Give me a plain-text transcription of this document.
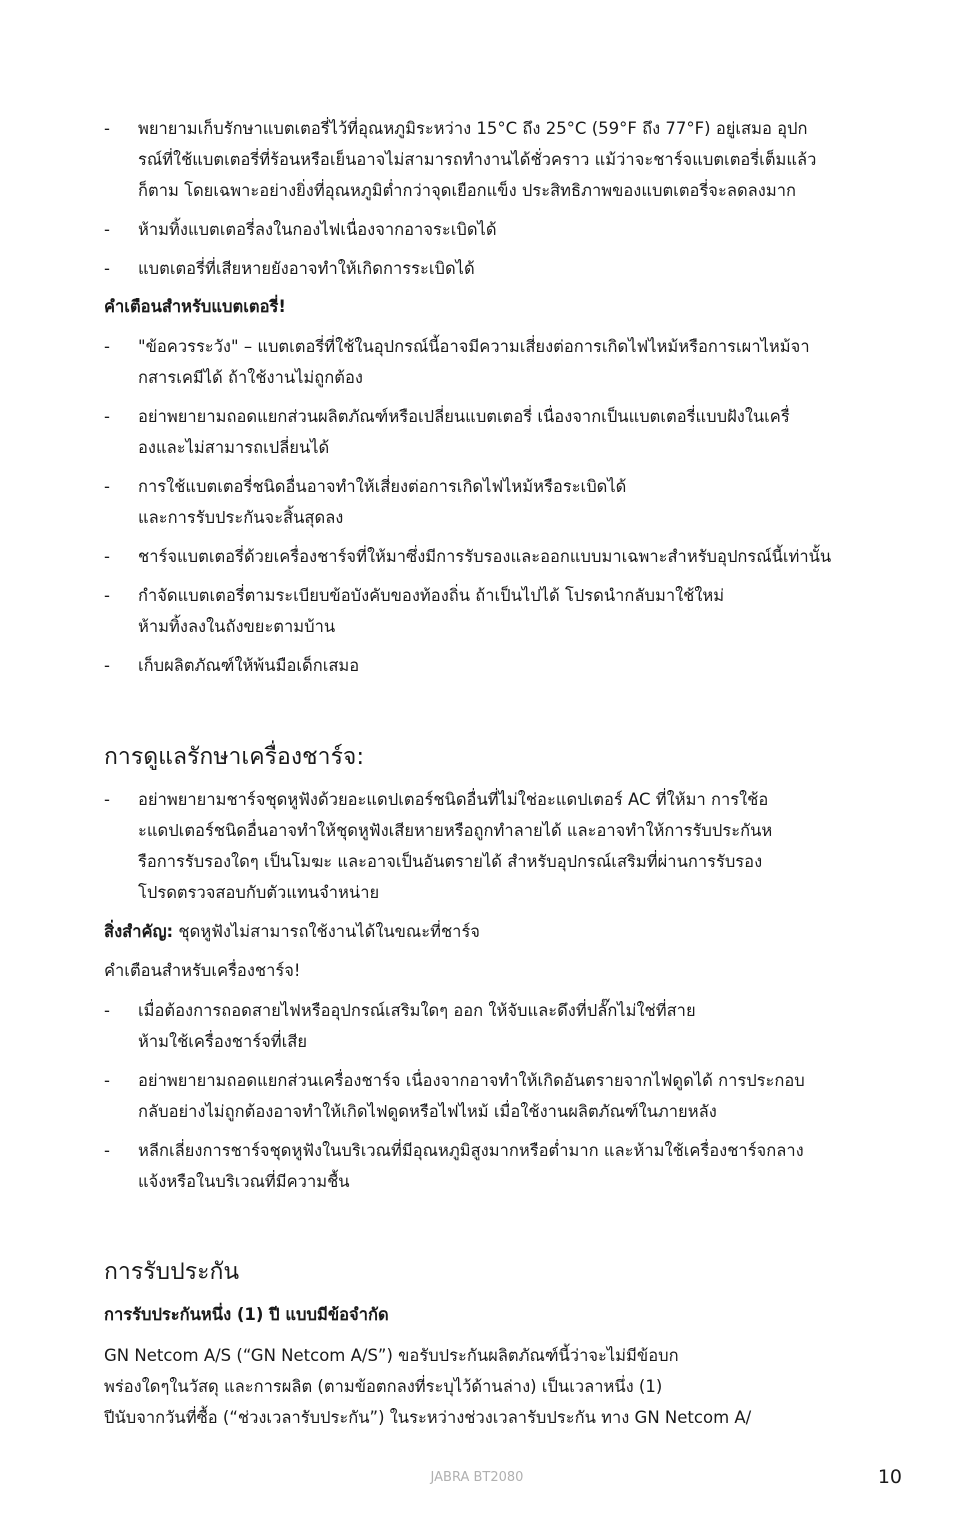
- พยายามเก็บรักษาแบตเตอรี่ไว้ที่อุณหภูมิระหว่าง 15°C ถึง 25°C (59°F ถึง 77°F) อยู่เสมอ อุปก
รณ์ที่ใช้แบตเตอรี่ที่ร้อนหรือเย็นอาจไม่สามารถทำงานได้ชั่วคราว แม้ว่าจะชาร์จแบตเตอรี่เต็มแล้ว
ก็ตาม โดยเฉพาะอย่างยิ่งที่อุณหภูมิต่ำกว่าจุดเยือกแข็ง ประสิทธิภาพของแบตเตอรี่จะลดลงมาก
- ห้ามทิ้งแบตเตอรี่ลงในกองไฟเนื่องจากอาจระเบิดได้
- แบตเตอรี่ที่เสียหายยังอาจทำให้เกิดการระเบิดได้
คำเตือนสำหรับแบตเตอรี่!
- "ข้อควรระวัง" – แบตเตอรี่ที่ใช้ในอุปกรณ์นี้อาจมีความเสี่ยงต่อการเกิดไฟไหม้หรือการเผาไหม้จา
กสารเคมีได้ ถ้าใช้งานไม่ถูกต้อง
- อย่าพยายามถอดแยกส่วนผลิตภัณฑ์หรือเปลี่ยนแบตเตอรี่ เนื่องจากเป็นแบตเตอรี่แบบฝังในเครื่
องและไม่สามารถเปลี่ยนได้
- การใช้แบตเตอรี่ชนิดอื่นอาจทำให้เสี่ยงต่อการเกิดไฟไหม้หรือระเบิดได้
และการรับประกันจะสิ้นสุดลง
- ชาร์จแบตเตอรี่ด้วยเครื่องชาร์จที่ให้มาซึ่งมีการรับรองและออกแบบมาเฉพาะสำหรับอุปกรณ์นี้เท่านั้น
- กำจัดแบตเตอรี่ตามระเบียบข้อบังคับของท้องถิ่น ถ้าเป็นไปได้ โปรดนำกลับมาใช้ใหม่
ห้ามทิ้งลงในถังขยะตามบ้าน
- เก็บผลิตภัณฑ์ให้พ้นมือเด็กเสมอ
การดูแลรักษาเครื่องชาร์จ:
- อย่าพยายามชาร์จชุดหูฟังด้วยอะแดปเตอร์ชนิดอื่นที่ไม่ใช่อะแดปเตอร์ AC ที่ให้มา การใช้อ
ะแดปเตอร์ชนิดอื่นอาจทำให้ชุดหูฟังเสียหายหรือถูกทำลายได้ และอาจทำให้การรับประกันห
รือการรับรองใดๆ เป็นโมฆะ และอาจเป็นอันตรายได้ สำหรับอุปกรณ์เสริมที่ผ่านการรับรอง
โปรดตรวจสอบกับตัวแทนจำหน่าย
สิ่งสำคัญ: ชุดหูฟังไม่สามารถใช้งานได้ในขณะที่ชาร์จ
คำเตือนสำหรับเครื่องชาร์จ!
- เมื่อต้องการถอดสายไฟหรืออุปกรณ์เสริมใดๆ ออก ให้จับและดึงที่ปลั๊กไม่ใช่ที่สาย
ห้ามใช้เครื่องชาร์จที่เสีย
- อย่าพยายามถอดแยกส่วนเครื่องชาร์จ เนื่องจากอาจทำให้เกิดอันตรายจากไฟดูดได้ การประกอบ
กลับอย่างไม่ถูกต้องอาจทำให้เกิดไฟดูดหรือไฟไหม้ เมื่อใช้งานผลิตภัณฑ์ในภายหลัง
- หลีกเลี่ยงการชาร์จชุดหูฟังในบริเวณที่มีอุณหภูมิสูงมากหรือต่ำมาก และห้ามใช้เครื่องชาร์จกลาง
แจ้งหรือในบริเวณที่มีความชื้น
การรับประกัน
การรับประกันหนึ่ง (1) ปี แบบมีข้อจำกัด
GN Netcom A/S (“GN Netcom A/S”) ขอรับประกันผลิตภัณฑ์นี้ว่าจะไม่มีข้อบก
พร่องใดๆในวัสดุ และการผลิต (ตามข้อตกลงที่ระบุไว้ด้านล่าง) เป็นเวลาหนึ่ง (1)
ปีนับจากวันที่ซื้อ (“ช่วงเวลารับประกัน”) ในระหว่างช่วงเวลารับประกัน ทาง GN Netcom A/
JABRA BT2080	10
